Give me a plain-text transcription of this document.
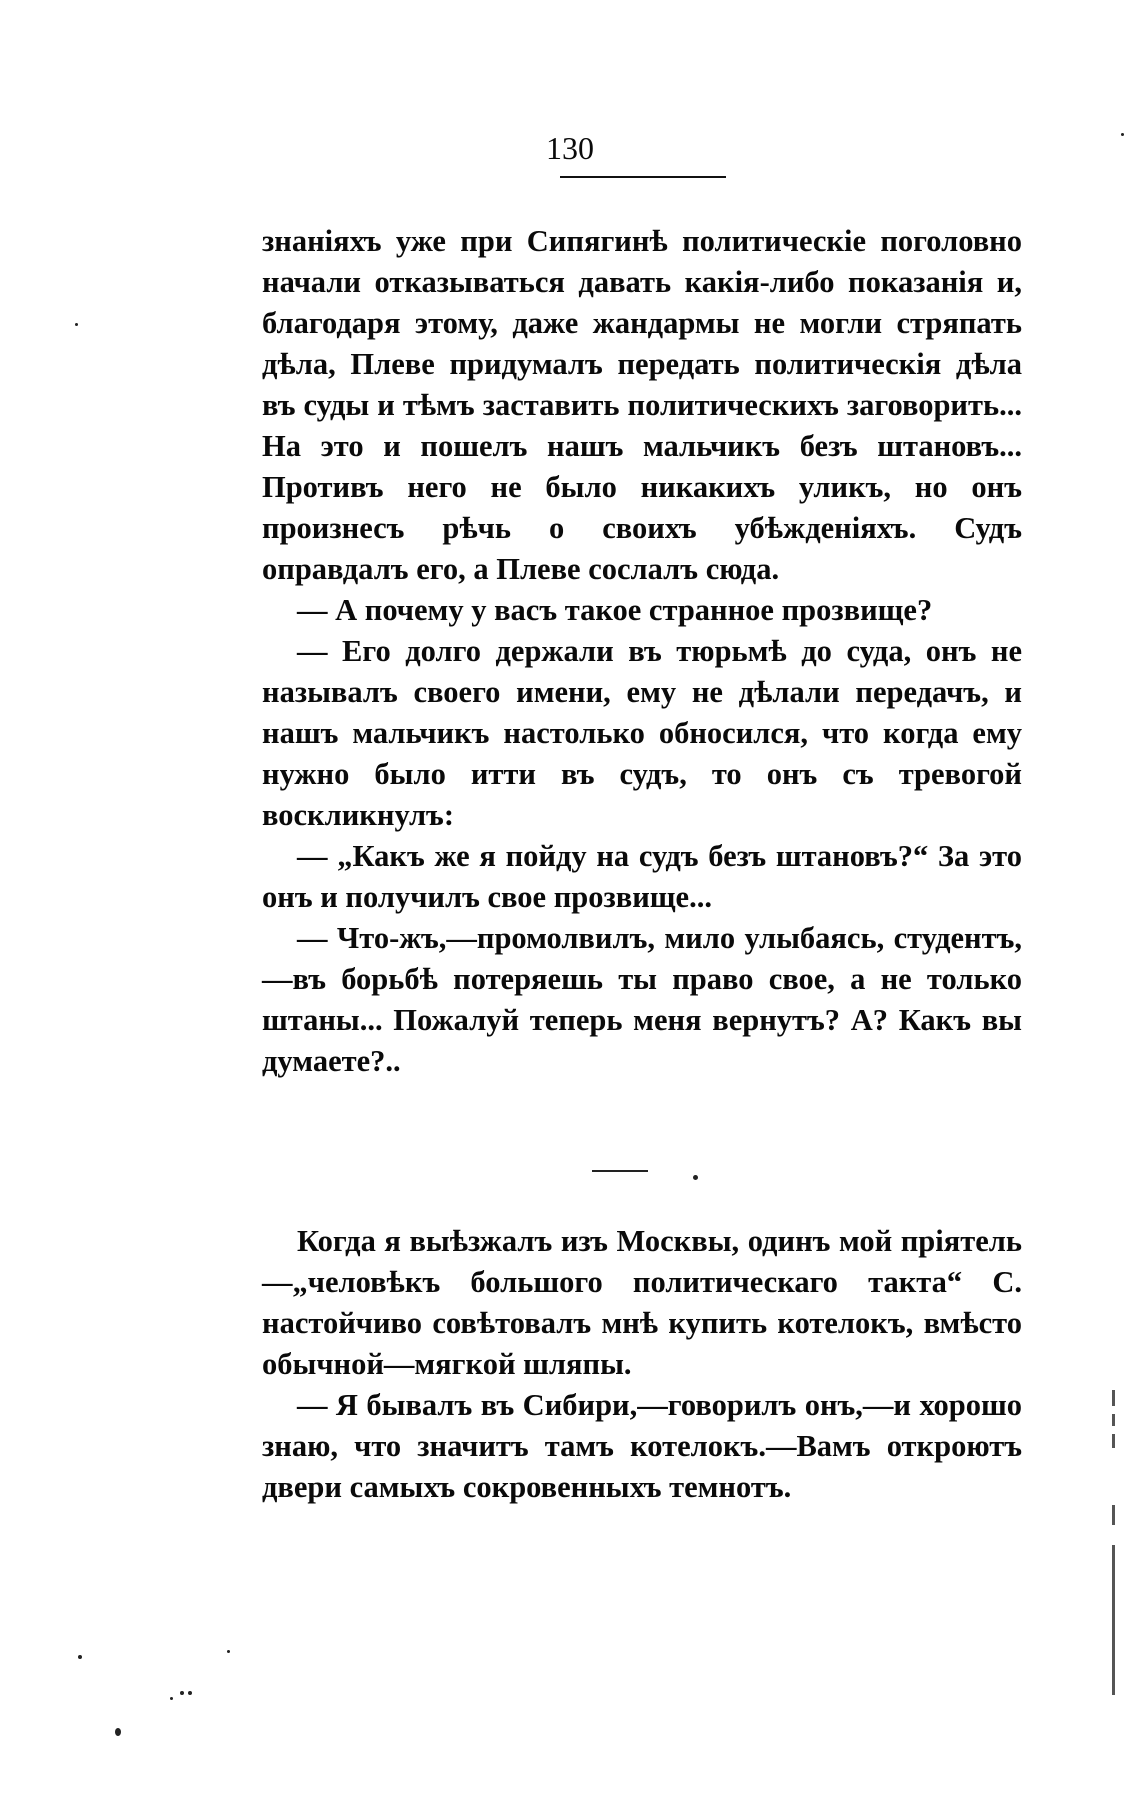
130

знаніяхъ уже при Сипягинѣ политическіе поголовно начали отказываться давать какія-либо показанія и, благодаря этому, даже жандармы не могли стряпать дѣла, Плеве придумалъ передать политическія дѣла въ суды и тѣмъ заставить политическихъ заговорить... На это и пошелъ нашъ мальчикъ безъ штановъ... Противъ него не было никакихъ уликъ, но онъ произнесъ рѣчь о своихъ убѣжденіяхъ. Судъ оправдалъ его, а Плеве сослалъ сюда.

— А почему у васъ такое странное прозвище?

— Его долго держали въ тюрьмѣ до суда, онъ не называлъ своего имени, ему не дѣлали передачъ, и нашъ мальчикъ настолько обносился, что когда ему нужно было итти въ судъ, то онъ съ тревогой воскликнулъ:

— „Какъ же я пойду на судъ безъ штановъ?“ За это онъ и получилъ свое прозвище...

— Что-жъ,—промолвилъ, мило улыбаясь, студентъ,—въ борьбѣ потеряешь ты право свое, а не только штаны... Пожалуй теперь меня вернутъ? А? Какъ вы думаете?..

Когда я выѣзжалъ изъ Москвы, одинъ мой пріятель—„человѣкъ большого политическаго такта“ С. настойчиво совѣтовалъ мнѣ купить котелокъ, вмѣсто обычной—мягкой шляпы.

— Я бывалъ въ Сибири,—говорилъ онъ,—и хорошо знаю, что значитъ тамъ котелокъ.—Вамъ откроютъ двери самыхъ сокровенныхъ темнотъ.
